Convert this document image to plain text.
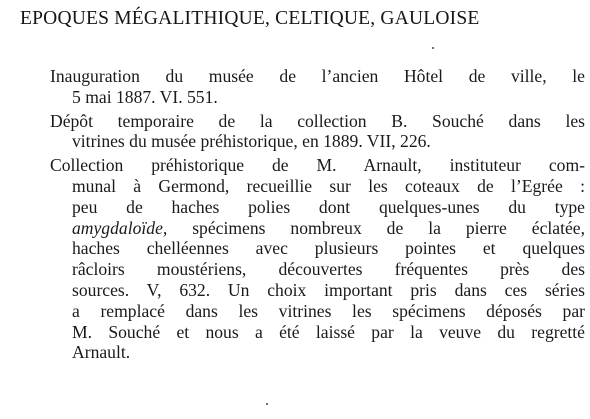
EPOQUES MÉGALITHIQUE, CELTIQUE, GAULOISE
Inauguration du musée de l’ancien Hôtel de ville, le
5 mai 1887. VI. 551.
Dépôt temporaire de la collection B. Souché dans les
vitrines du musée préhistorique, en 1889. VII, 226.
Collection préhistorique de M. Arnault, instituteur com-
munal à Germond, recueillie sur les coteaux de l’Egrée :
peu de haches polies dont quelques-unes du type
amygdaloïde, spécimens nombreux de la pierre éclatée,
haches chelléennes avec plusieurs pointes et quelques
râcloirs moustériens, découvertes fréquentes près des
sources. V, 632. Un choix important pris dans ces séries
a remplacé dans les vitrines les spécimens déposés par
M. Souché et nous a été laissé par la veuve du regretté
Arnault.
